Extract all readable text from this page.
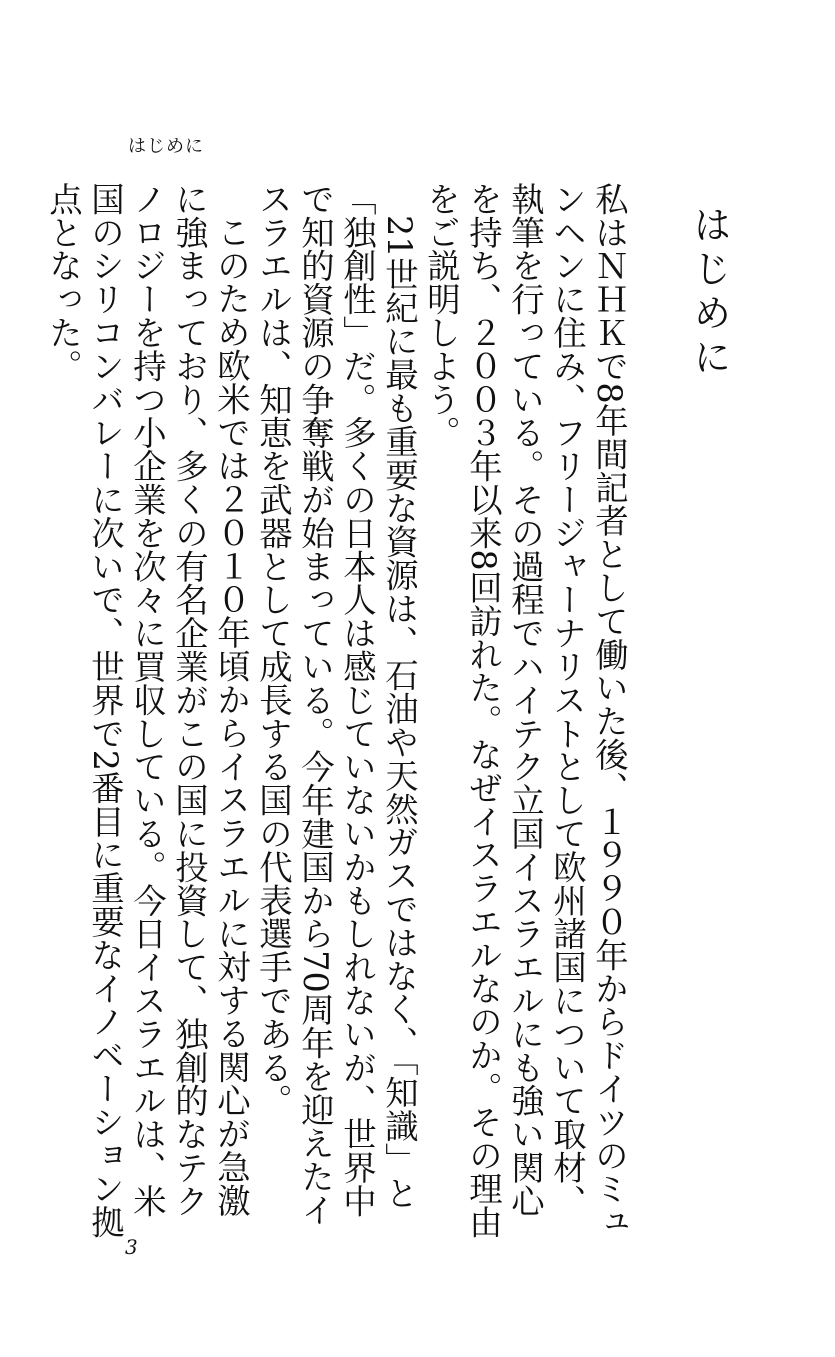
はじめに
はじめに

私はＮＨＫで8年間記者として働いた後、１９９０年からドイツのミュンヘンに住み、フリージャーナリストとして欧州諸国について取材、執筆を行っている。その過程でハイテク立国イスラエルにも強い関心を持ち、２００３年以来8回訪れた。なぜイスラエルなのか。その理由をご説明しよう。

21世紀に最も重要な資源は、石油や天然ガスではなく、「知識」と「独創性」だ。多くの日本人は感じていないかもしれないが、世界中で知的資源の争奪戦が始まっている。今年建国から70周年を迎えたイスラエルは、知恵を武器として成長する国の代表選手である。

このため欧米では２０１０年頃からイスラエルに対する関心が急激に強まっており、多くの有名企業がこの国に投資して、独創的なテクノロジーを持つ小企業を次々に買収している。今日イスラエルは、米国のシリコンバレーに次いで、世界で2番目に重要なイノベーション拠点となった。

3
